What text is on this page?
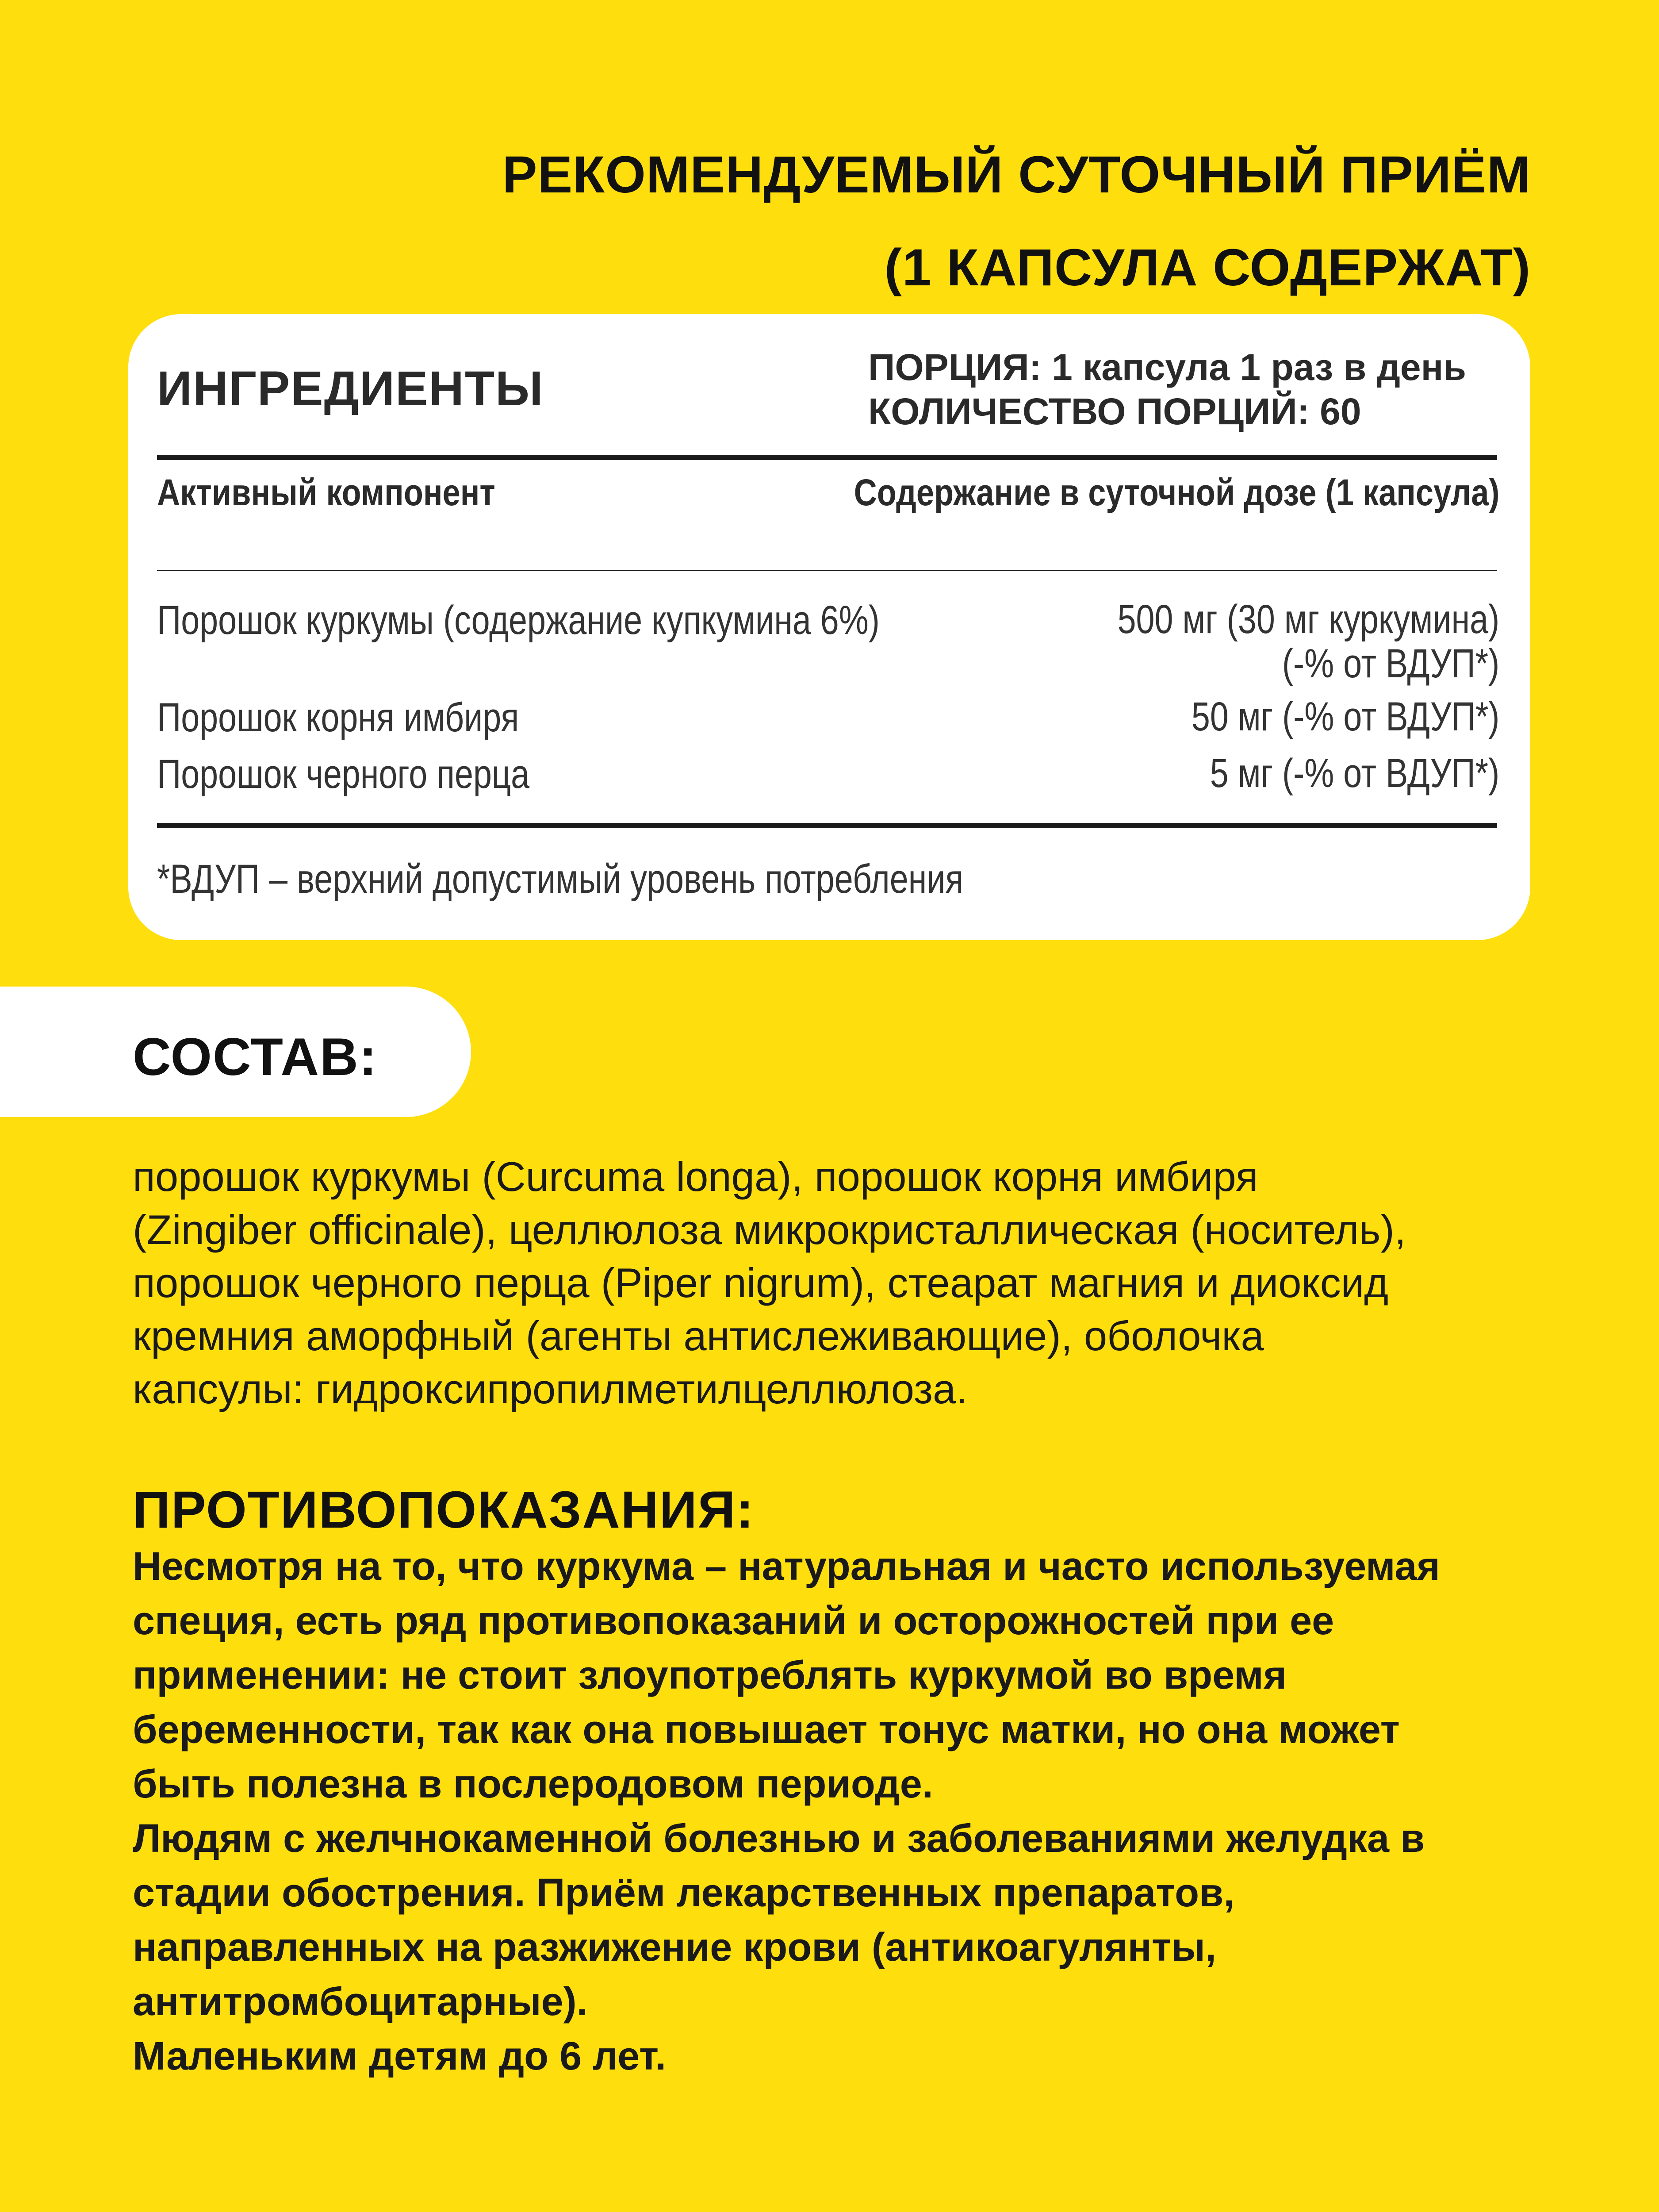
РЕКОМЕНДУЕМЫЙ СУТОЧНЫЙ ПРИЁМ
(1 КАПСУЛА СОДЕРЖАТ)
ИНГРЕДИЕНТЫ	ПОРЦИЯ: 1 капсула 1 раз в день
КОЛИЧЕСТВО ПОРЦИЙ: 60
Активный компонент	Содержание в суточной дозе (1 капсула)
Порошок куркумы (содержание купкумина 6%)	500 мг (30 мг куркумина)
(-% от ВДУП*)
Порошок корня имбиря	50 мг (-% от ВДУП*)
Порошок черного перца	5 мг (-% от ВДУП*)
*ВДУП – верхний допустимый уровень потребления
СОСТАВ:
порошок куркумы (Curcuma longa), порошок корня имбиря
(Zingiber officinale), целлюлоза микрокристаллическая (носитель),
порошок черного перца (Piper nigrum), стеарат магния и диоксид
кремния аморфный (агенты антислеживающие), оболочка
капсулы: гидроксипропилметилцеллюлоза.
ПРОТИВОПОКАЗАНИЯ:
Несмотря на то, что куркума – натуральная и часто используемая
специя, есть ряд противопоказаний и осторожностей при ее
применении: не стоит злоупотреблять куркумой во время
беременности, так как она повышает тонус матки, но она может
быть полезна в послеродовом периоде.
Людям с желчнокаменной болезнью и заболеваниями желудка в
стадии обострения. Приём лекарственных препаратов,
направленных на разжижение крови (антикоагулянты,
антитромбоцитарные).
Маленьким детям до 6 лет.
